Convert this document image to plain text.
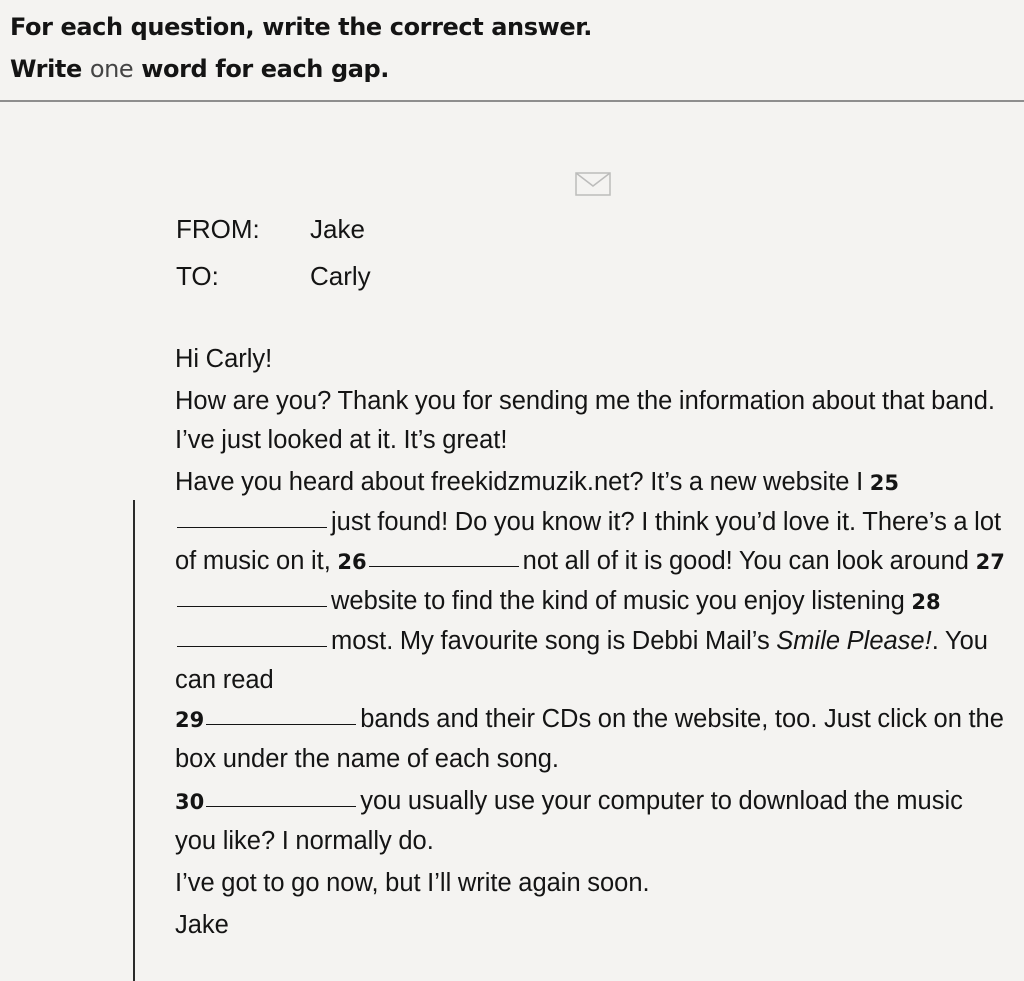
For each question, write the correct answer.
Write one word for each gap.
FROM: Jake
TO:	Carly

Hi Carly!

How are you? Thank you for sending me the information about that band. I’ve just looked at it. It’s great!

Have you heard about freekidzmuzik.net? It’s a new website I 25just found! Do you know it? I think you’d love it. There’s a lot of music on it, 26	not all of it is good! You can look around 27website to find the kind of music you enjoy listening 28most. My favourite song is Debbi Mail’s Smile Please!. You can read
29	bands and their CDs on the website, too. Just click on the box under the name of each song.

30	you usually use your computer to download the music you like? I normally do.

I’ve got to go now, but I’ll write again soon.

Jake
